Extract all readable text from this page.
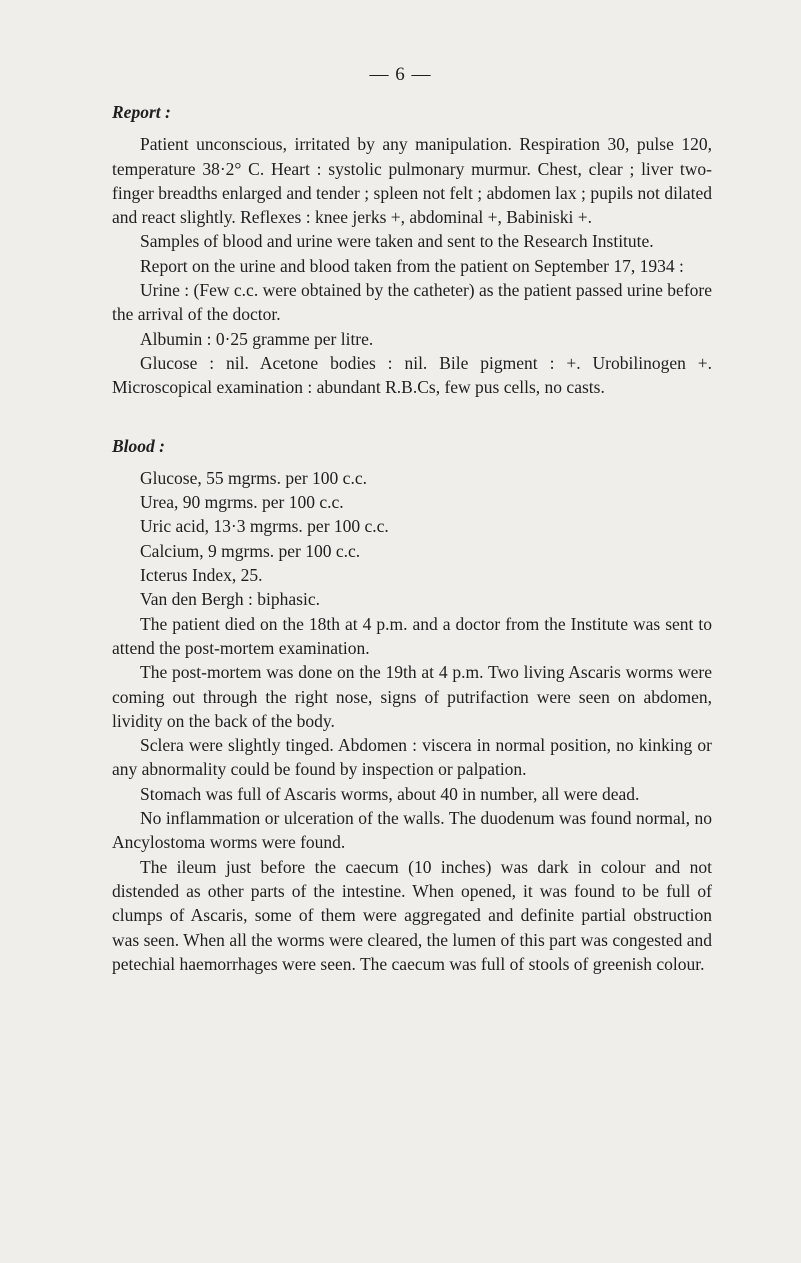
— 6 —

Report :

Patient unconscious, irritated by any manipulation. Respiration 30, pulse 120, temperature 38·2° C. Heart : systolic pulmonary murmur. Chest, clear ; liver two-finger breadths enlarged and tender ; spleen not felt ; abdomen lax ; pupils not dilated and react slightly. Reflexes : knee jerks +, abdominal +, Babiniski +.

Samples of blood and urine were taken and sent to the Research Institute.

Report on the urine and blood taken from the patient on September 17, 1934 :

Urine : (Few c.c. were obtained by the catheter) as the patient passed urine before the arrival of the doctor.

Albumin : 0·25 gramme per litre.

Glucose : nil. Acetone bodies : nil. Bile pigment : +. Urobilinogen +. Microscopical examination : abundant R.B.Cs, few pus cells, no casts.

Blood :

Glucose, 55 mgrms. per 100 c.c.

Urea, 90 mgrms. per 100 c.c.

Uric acid, 13·3 mgrms. per 100 c.c.

Calcium, 9 mgrms. per 100 c.c.

Icterus Index, 25.

Van den Bergh : biphasic.

The patient died on the 18th at 4 p.m. and a doctor from the Institute was sent to attend the post-mortem examination.

The post-mortem was done on the 19th at 4 p.m. Two living Ascaris worms were coming out through the right nose, signs of putrifaction were seen on abdomen, lividity on the back of the body.

Sclera were slightly tinged. Abdomen : viscera in normal position, no kinking or any abnormality could be found by inspection or palpation.

Stomach was full of Ascaris worms, about 40 in number, all were dead.

No inflammation or ulceration of the walls. The duodenum was found normal, no Ancylostoma worms were found.

The ileum just before the caecum (10 inches) was dark in colour and not distended as other parts of the intestine. When opened, it was found to be full of clumps of Ascaris, some of them were aggregated and definite partial obstruction was seen. When all the worms were cleared, the lumen of this part was congested and petechial haemorrhages were seen. The caecum was full of stools of greenish colour.
